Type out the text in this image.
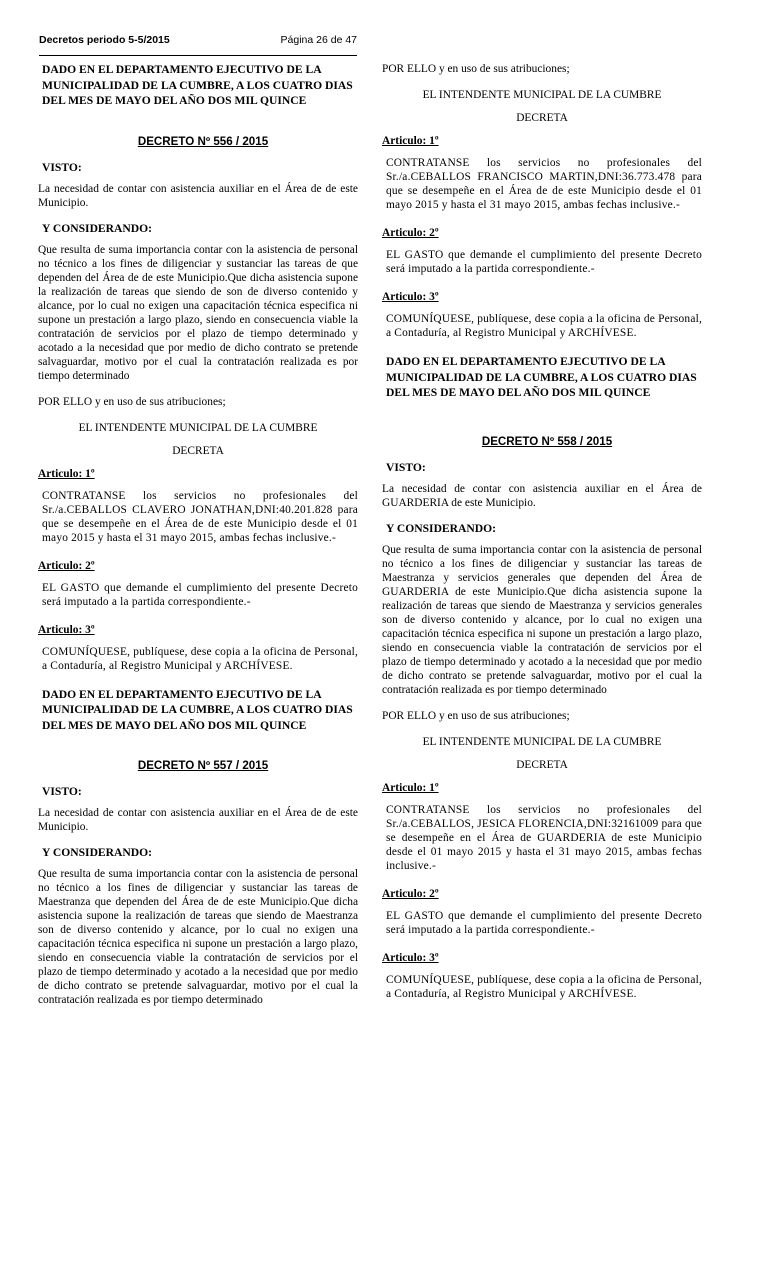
Decretos periodo 5-5/2015	Página 26 de 47

DADO EN EL DEPARTAMENTO EJECUTIVO DE LA MUNICIPALIDAD DE LA CUMBRE, A LOS CUATRO DIAS DEL MES DE MAYO DEL AÑO DOS MIL QUINCE

DECRETO Nº 556 / 2015

VISTO:

La necesidad de contar con asistencia auxiliar en el Área de de este Municipio.

Y CONSIDERANDO:

Que resulta de suma importancia contar con la asistencia de personal no técnico a los fines de diligenciar y sustanciar las tareas de que dependen del Área de de este Municipio.Que dicha asistencia supone la realización de tareas que siendo de son de diverso contenido y alcance, por lo cual no exigen una capacitación técnica especifica ni supone un prestación a largo plazo, siendo en consecuencia viable la contratación de servicios por el plazo de tiempo determinado y acotado a la necesidad que por medio de dicho contrato se pretende salvaguardar, motivo por el cual la contratación realizada es por tiempo determinado

POR ELLO y en uso de sus atribuciones;

EL INTENDENTE MUNICIPAL DE LA CUMBRE

DECRETA

Articulo: 1º

CONTRATANSE los servicios no profesionales del Sr./a.CEBALLOS CLAVERO JONATHAN,DNI:40.201.828 para que se desempeñe en el Área de de este Municipio desde el 01 mayo 2015 y hasta el 31 mayo 2015, ambas fechas inclusive.-

Articulo: 2º

EL GASTO que demande el cumplimiento del presente Decreto será imputado a la partida correspondiente.-

Articulo: 3º

COMUNÍQUESE, publíquese, dese copia a la oficina de Personal, a Contaduría, al Registro Municipal y ARCHÍVESE.

DADO EN EL DEPARTAMENTO EJECUTIVO DE LA MUNICIPALIDAD DE LA CUMBRE, A LOS CUATRO DIAS DEL MES DE MAYO DEL AÑO DOS MIL QUINCE

DECRETO Nº 557 / 2015

VISTO:

La necesidad de contar con asistencia auxiliar en el Área de de este Municipio.

Y CONSIDERANDO:

Que resulta de suma importancia contar con la asistencia de personal no técnico a los fines de diligenciar y sustanciar las tareas de Maestranza que dependen del Área de de este Municipio.Que dicha asistencia supone la realización de tareas que siendo de Maestranza son de diverso contenido y alcance, por lo cual no exigen una capacitación técnica especifica ni supone un prestación a largo plazo, siendo en consecuencia viable la contratación de servicios por el plazo de tiempo determinado y acotado a la necesidad que por medio de dicho contrato se pretende salvaguardar, motivo por el cual la contratación realizada es por tiempo determinado

POR ELLO y en uso de sus atribuciones;

EL INTENDENTE MUNICIPAL DE LA CUMBRE

DECRETA

Articulo: 1º

CONTRATANSE los servicios no profesionales del Sr./a.CEBALLOS FRANCISCO MARTIN,DNI:36.773.478 para que se desempeñe en el Área de de este Municipio desde el 01 mayo 2015 y hasta el 31 mayo 2015, ambas fechas inclusive.-

Articulo: 2º

EL GASTO que demande el cumplimiento del presente Decreto será imputado a la partida correspondiente.-

Articulo: 3º

COMUNÍQUESE, publíquese, dese copia a la oficina de Personal, a Contaduría, al Registro Municipal y ARCHÍVESE.

DADO EN EL DEPARTAMENTO EJECUTIVO DE LA MUNICIPALIDAD DE LA CUMBRE, A LOS CUATRO DIAS DEL MES DE MAYO DEL AÑO DOS MIL QUINCE

DECRETO Nº 558 / 2015

VISTO:

La necesidad de contar con asistencia auxiliar en el Área de GUARDERIA de este Municipio.

Y CONSIDERANDO:

Que resulta de suma importancia contar con la asistencia de personal no técnico a los fines de diligenciar y sustanciar las tareas de Maestranza y servicios generales que dependen del Área de GUARDERIA de este Municipio.Que dicha asistencia supone la realización de tareas que siendo de Maestranza y servicios generales son de diverso contenido y alcance, por lo cual no exigen una capacitación técnica especifica ni supone un prestación a largo plazo, siendo en consecuencia viable la contratación de servicios por el plazo de tiempo determinado y acotado a la necesidad que por medio de dicho contrato se pretende salvaguardar, motivo por el cual la contratación realizada es por tiempo determinado

POR ELLO y en uso de sus atribuciones;

EL INTENDENTE MUNICIPAL DE LA CUMBRE

DECRETA

Articulo: 1º

CONTRATANSE los servicios no profesionales del Sr./a.CEBALLOS, JESICA FLORENCIA,DNI:32161009 para que se desempeñe en el Área de GUARDERIA de este Municipio desde el 01 mayo 2015 y hasta el 31 mayo 2015, ambas fechas inclusive.-

Articulo: 2º

EL GASTO que demande el cumplimiento del presente Decreto será imputado a la partida correspondiente.-

Articulo: 3º

COMUNÍQUESE, publíquese, dese copia a la oficina de Personal, a Contaduría, al Registro Municipal y ARCHÍVESE.
